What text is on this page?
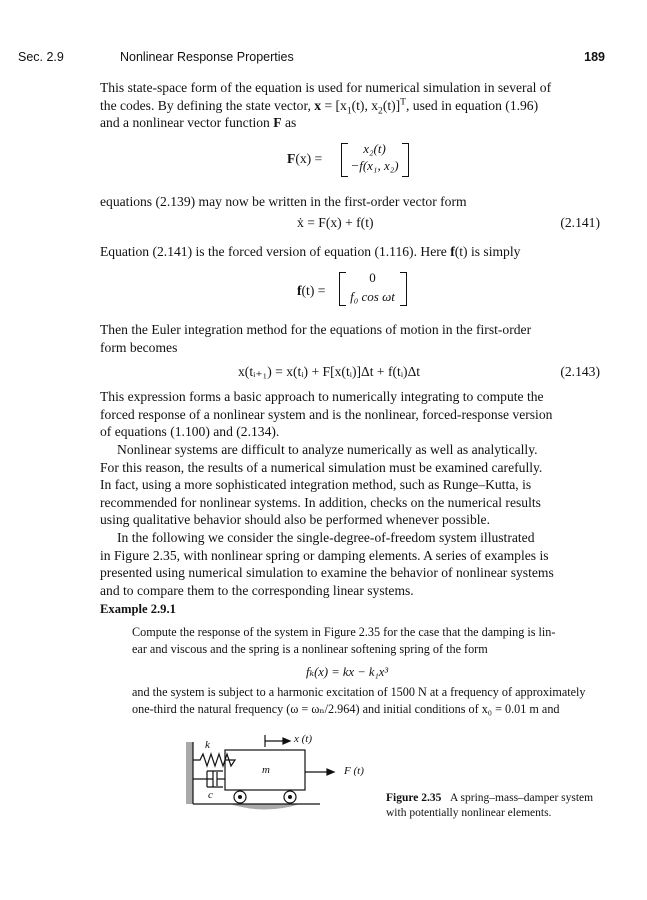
Sec. 2.9	Nonlinear Response Properties	189
This state-space form of the equation is used for numerical simulation in several of
the codes. By defining the state vector, $x = [x_1(t)$, $x_2(t)]^T$, used in equation (1.96)
and a nonlinear vector function F as
F(x) =
x₂(t)
−f(x₁, x₂)
equations (2.139) may now be written in the first-order vector form
ẋ = F(x) + f(t)	(2.141)
Equation (2.141) is the forced version of equation (1.116). Here f(t) is simply
f(t) =
0
f₀ cos ωt
Then the Euler integration method for the equations of motion in the first-order
form becomes
x(tᵢ₊₁) = x(tᵢ) + F[x(tᵢ)]Δt + f(tᵢ)Δt	(2.143)
This expression forms a basic approach to numerically integrating to compute the
forced response of a nonlinear system and is the nonlinear, forced-response version
of equations (1.100) and (2.134).
Nonlinear systems are difficult to analyze numerically as well as analytically.
For this reason, the results of a numerical simulation must be examined carefully.
In fact, using a more sophisticated integration method, such as Runge–Kutta, is
recommended for nonlinear systems. In addition, checks on the numerical results
using qualitative behavior should also be performed whenever possible.
In the following we consider the single-degree-of-freedom system illustrated
in Figure 2.35, with nonlinear spring or damping elements. A series of examples is
presented using numerical simulation to examine the behavior of nonlinear systems
and to compare them to the corresponding linear systems.
Example 2.9.1
Compute the response of the system in Figure 2.35 for the case that the damping is lin-
ear and viscous and the spring is a nonlinear softening spring of the form
fₖ(x) = kx − k₁x³
and the system is subject to a harmonic excitation of 1500 N at a frequency of approximately
one-third the natural frequency (ω = ωₙ/2.964) and initial conditions of x₀ = 0.01 m and
x (t)
k
c
m	F (t)
Figure 2.35 A spring–mass–damper system
with potentially nonlinear elements.
